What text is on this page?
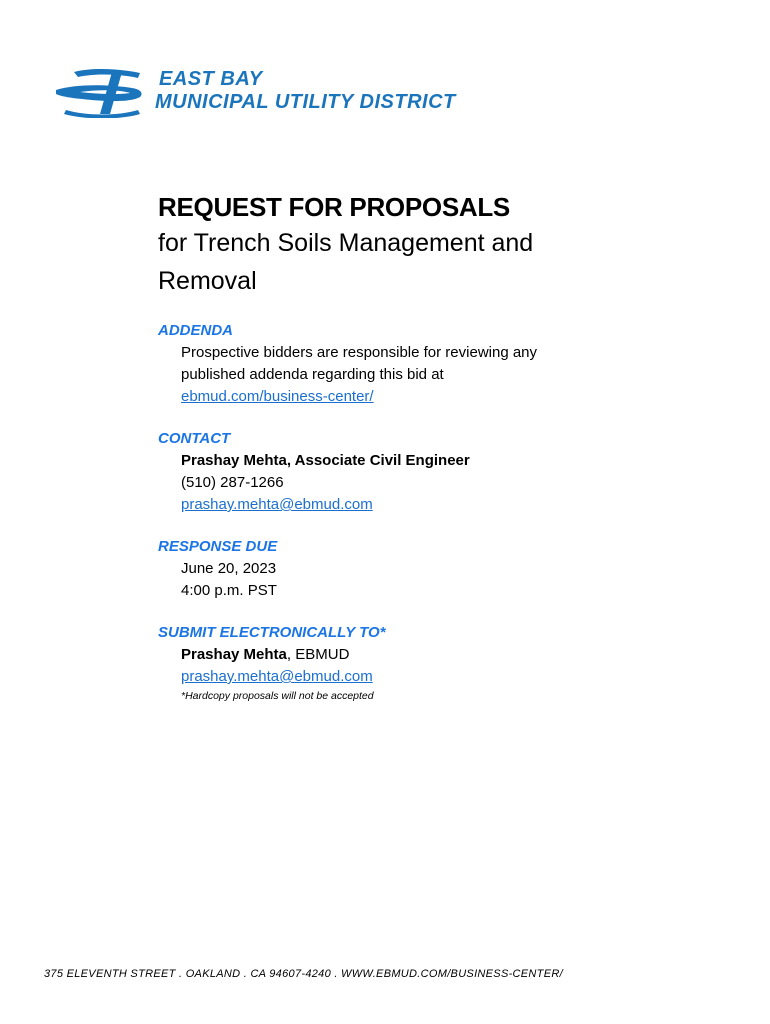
EAST BAY
MUNICIPAL UTILITY DISTRICT
REQUEST FOR PROPOSALS
for Trench Soils Management and
Removal
ADDENDA
Prospective bidders are responsible for reviewing any
published addenda regarding this bid at
ebmud.com/business-center/
CONTACT
Prashay Mehta, Associate Civil Engineer
(510) 287-1266
prashay.mehta@ebmud.com
RESPONSE DUE
June 20, 2023
4:00 p.m. PST
SUBMIT ELECTRONICALLY TO*
Prashay Mehta, EBMUD
prashay.mehta@ebmud.com
*Hardcopy proposals will not be accepted
375 ELEVENTH STREET . OAKLAND . CA 94607-4240 . WWW.EBMUD.COM/BUSINESS-CENTER/
